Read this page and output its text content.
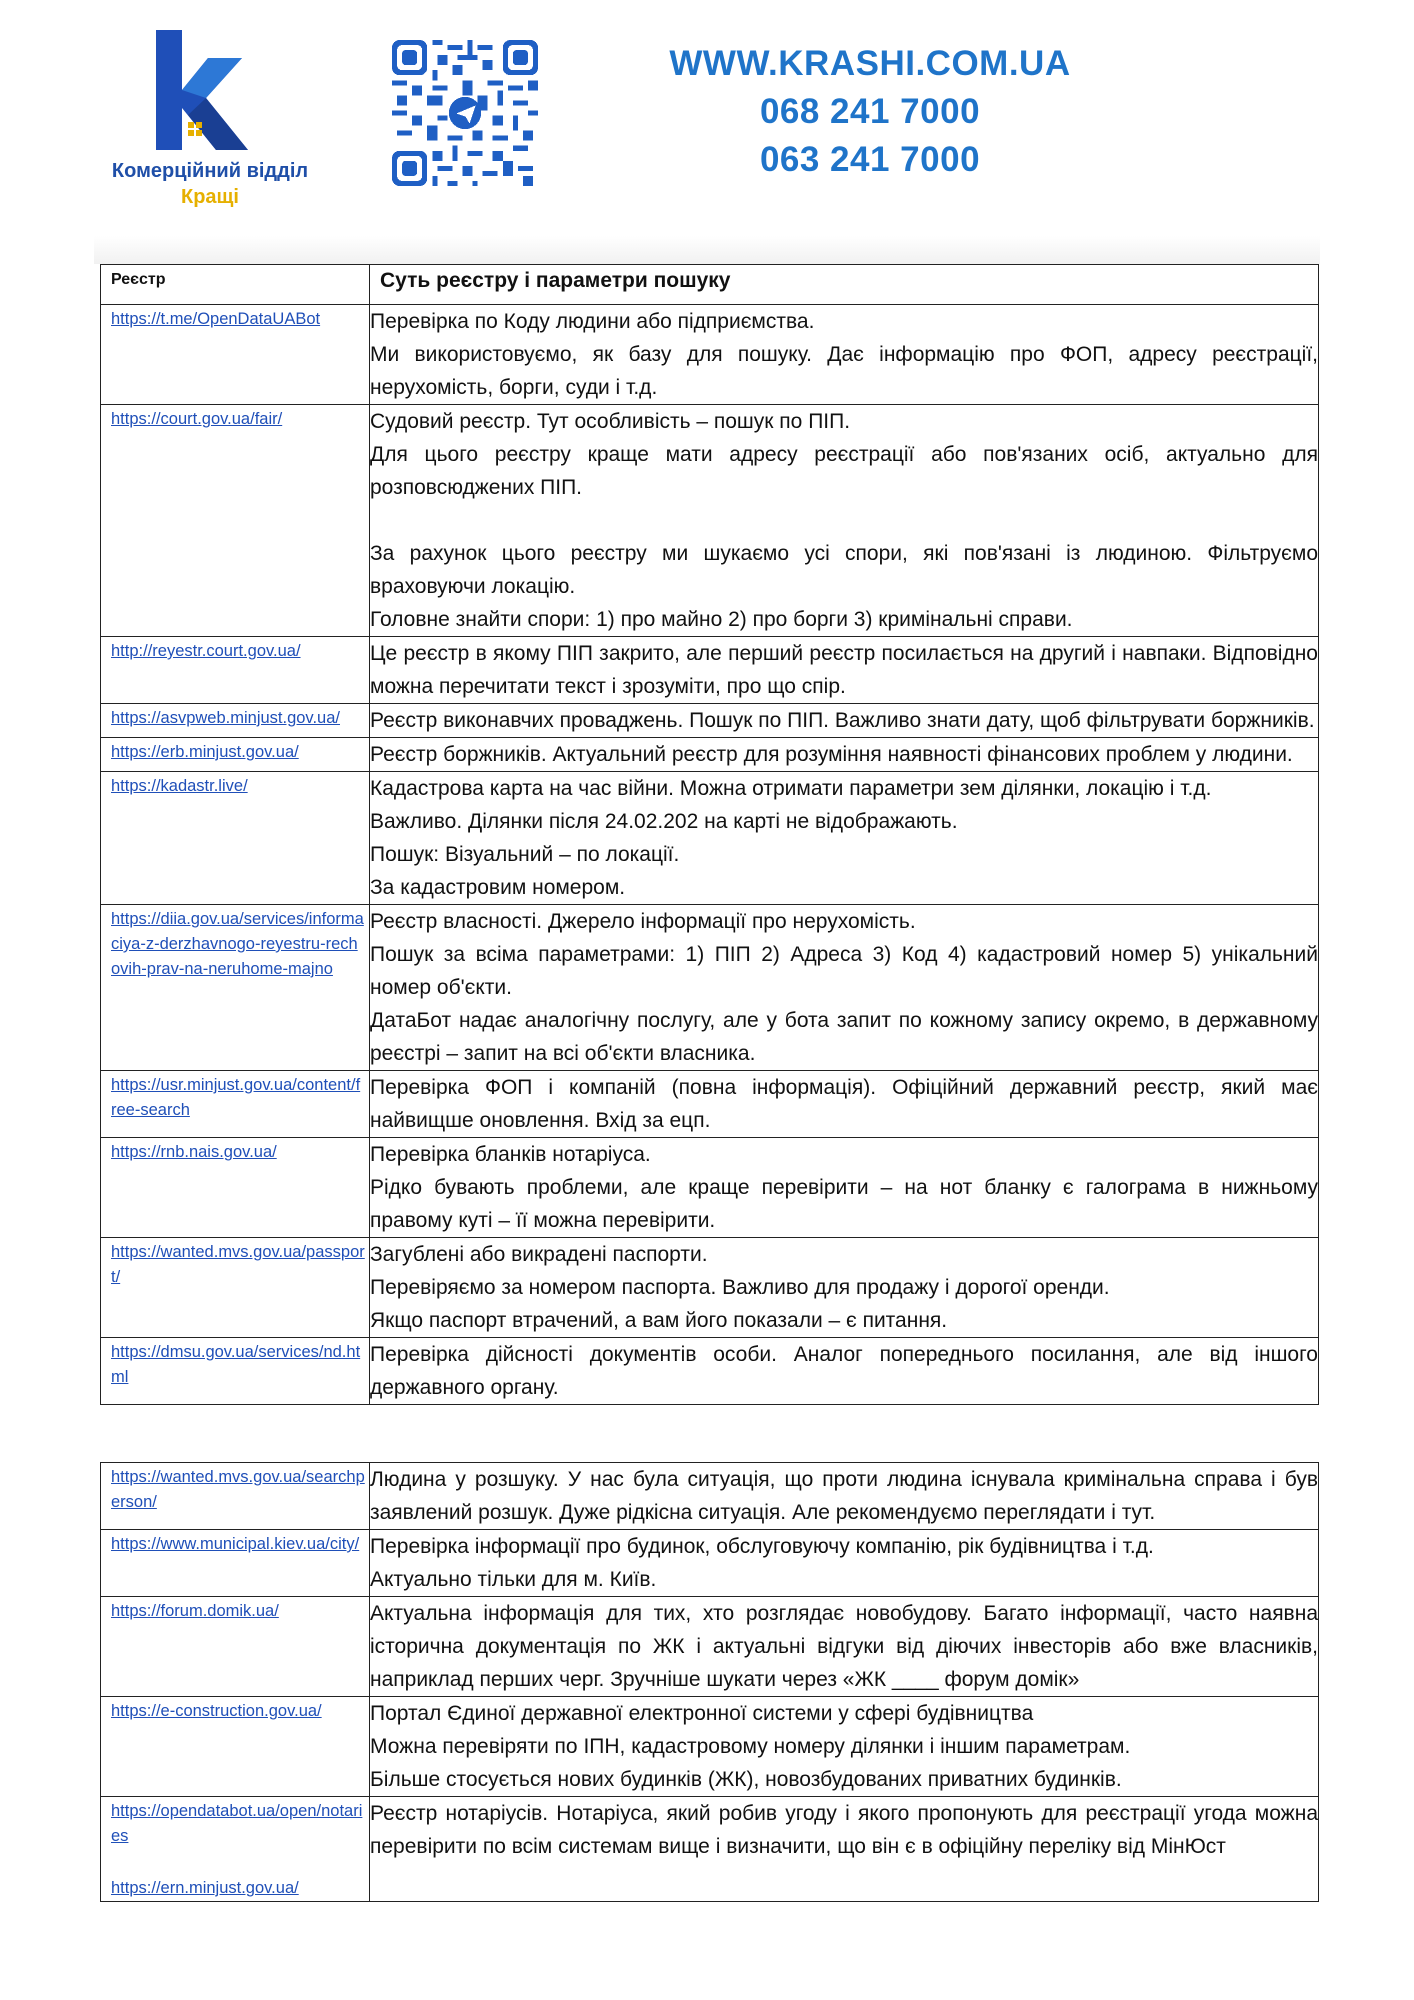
Комерційний відділ
Кращі
WWW.KRASHI.COM.UA
068 241 7000
063 241 7000
Реєстр	Суть реєстру і параметри пошуку

https://t.me/OpenDataUABot	Перевірка по Коду людини або підприємства.

Ми використовуємо, як базу для пошуку. Дає інформацію про ФОП, адресу реєстрації, нерухомість, борги, суди і т.д.

https://court.gov.ua/fair/	Судовий реєстр. Тут особливість – пошук по ПІП.

Для цього реєстру краще мати адресу реєстрації або пов'язаних осіб, актуально для розповсюджених ПІП.

За рахунок цього реєстру ми шукаємо усі спори, які пов'язані із людиною. Фільтруємо враховуючи локацію.

Головне знайти спори: 1) про майно 2) про борги 3) кримінальні справи.

http://reyestr.court.gov.ua/	Це реєстр в якому ПІП закрито, але перший реєстр посилається на другий і навпаки. Відповідно можна перечитати текст і зрозуміти, про що спір.

https://asvpweb.minjust.gov.ua/	Реєстр виконавчих проваджень. Пошук по ПІП. Важливо знати дату, щоб фільтрувати боржників.

https://erb.minjust.gov.ua/	Реєстр боржників. Актуальний реєстр для розуміння наявності фінансових проблем у людини.

https://kadastr.live/	Кадастрова карта на час війни. Можна отримати параметри зем ділянки, локацію і т.д.

Важливо. Ділянки після 24.02.202 на карті не відображають.

Пошук: Візуальний – по локації.

За кадастровим номером.

https://diia.gov.ua/services/informaciya-z-derzhavnogo-reyestru-rechovih-prav-na-neruhome-majno	Реєстр власності. Джерело інформації про нерухомість.

Пошук за всіма параметрами: 1) ПІП 2) Адреса 3) Код 4) кадастровий номер 5) унікальний номер об'єкти.

ДатаБот надає аналогічну послугу, але у бота запит по кожному запису окремо, в державному реєстрі – запит на всі об'єкти власника.

https://usr.minjust.gov.ua/content/free-search	Перевірка ФОП і компаній (повна інформація). Офіційний державний реєстр, який має найвищше оновлення. Вхід за ецп.

https://rnb.nais.gov.ua/	Перевірка бланків нотаріуса.

Рідко бувають проблеми, але краще перевірити – на нот бланку є галограма в нижньому правому куті – її можна перевірити.

https://wanted.mvs.gov.ua/passport/	Загублені або викрадені паспорти.

Перевіряємо за номером паспорта. Важливо для продажу і дорогої оренди.

Якщо паспорт втрачений, а вам його показали – є питання.

https://dmsu.gov.ua/services/nd.html	Перевірка дійсності документів особи. Аналог попереднього посилання, але від іншого державного органу.

https://wanted.mvs.gov.ua/searchperson/	Людина у розшуку. У нас була ситуація, що проти людина існувала кримінальна справа і був заявлений розшук. Дуже рідкісна ситуація. Але рекомендуємо переглядати і тут.

https://www.municipal.kiev.ua/city/	Перевірка інформації про будинок, обслуговуючу компанію, рік будівництва і т.д.

Актуально тільки для м. Київ.

https://forum.domik.ua/	Актуальна інформація для тих, хто розглядає новобудову. Багато інформації, часто наявна історична документація по ЖК і актуальні відгуки від діючих інвесторів або вже власників, наприклад перших черг. Зручніше шукати через «ЖК ____ форум домік»

https://e-construction.gov.ua/	Портал Єдиної державної електронної системи у сфері будівництва

Можна перевіряти по ІПН, кадастровому номеру ділянки і іншим параметрам.

Більше стосується нових будинків (ЖК), новозбудованих приватних будинків.

https://opendatabot.ua/open/notaries
https://ern.minjust.gov.ua/	Реєстр нотаріусів. Нотаріуса, який робив угоду і якого пропонують для реєстрації угода можна перевірити по всім системам вище і визначити, що він є в офіційну переліку від МінЮст
